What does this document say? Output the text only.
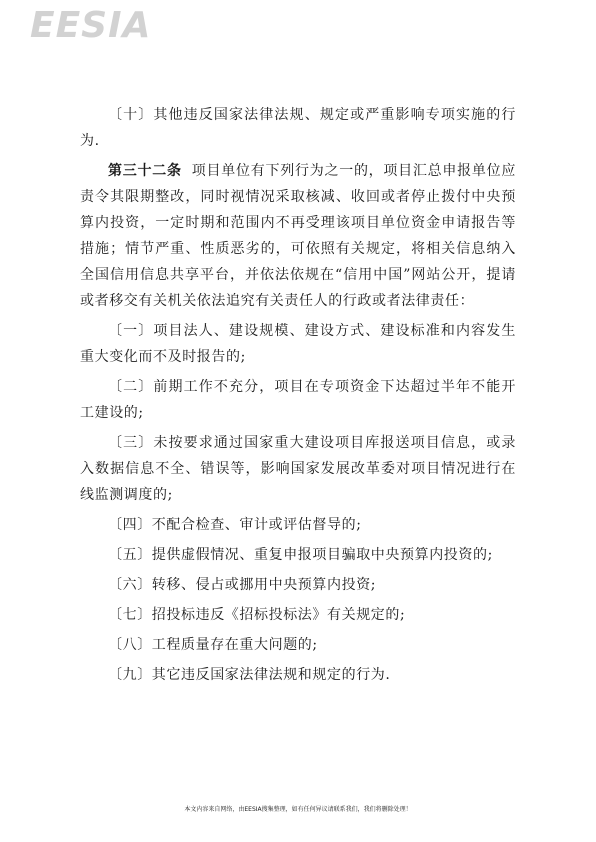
EESIA

〔十〕其他违反国家法律法规、规定或严重影响专项实施的行为.

第三十二条 项目单位有下列行为之一的，项目汇总申报单位应责令其限期整改，同时视情况采取核减、收回或者停止拨付中央预算内投资，一定时期和范围内不再受理该项目单位资金申请报告等措施；情节严重、性质恶劣的，可依照有关规定，将相关信息纳入全国信用信息共享平台，并依法依规在“信用中国”网站公开，提请或者移交有关机关依法追究有关责任人的行政或者法律责任：

〔一〕项目法人、建设规模、建设方式、建设标准和内容发生重大变化而不及时报告的;

〔二〕前期工作不充分，项目在专项资金下达超过半年不能开工建设的;

〔三〕未按要求通过国家重大建设项目库报送项目信息，或录入数据信息不全、错误等，影响国家发展改革委对项目情况进行在线监测调度的;

〔四〕不配合检查、审计或评估督导的;

〔五〕提供虚假情况、重复申报项目骗取中央预算内投资的;

〔六〕转移、侵占或挪用中央预算内投资;

〔七〕招投标违反《招标投标法》有关规定的;

〔八〕工程质量存在重大问题的;

〔九〕其它违反国家法律法规和规定的行为.

本文内容来自网络，由EESIA搜集整理，如有任何异议请联系我们，我们将删除处理！
